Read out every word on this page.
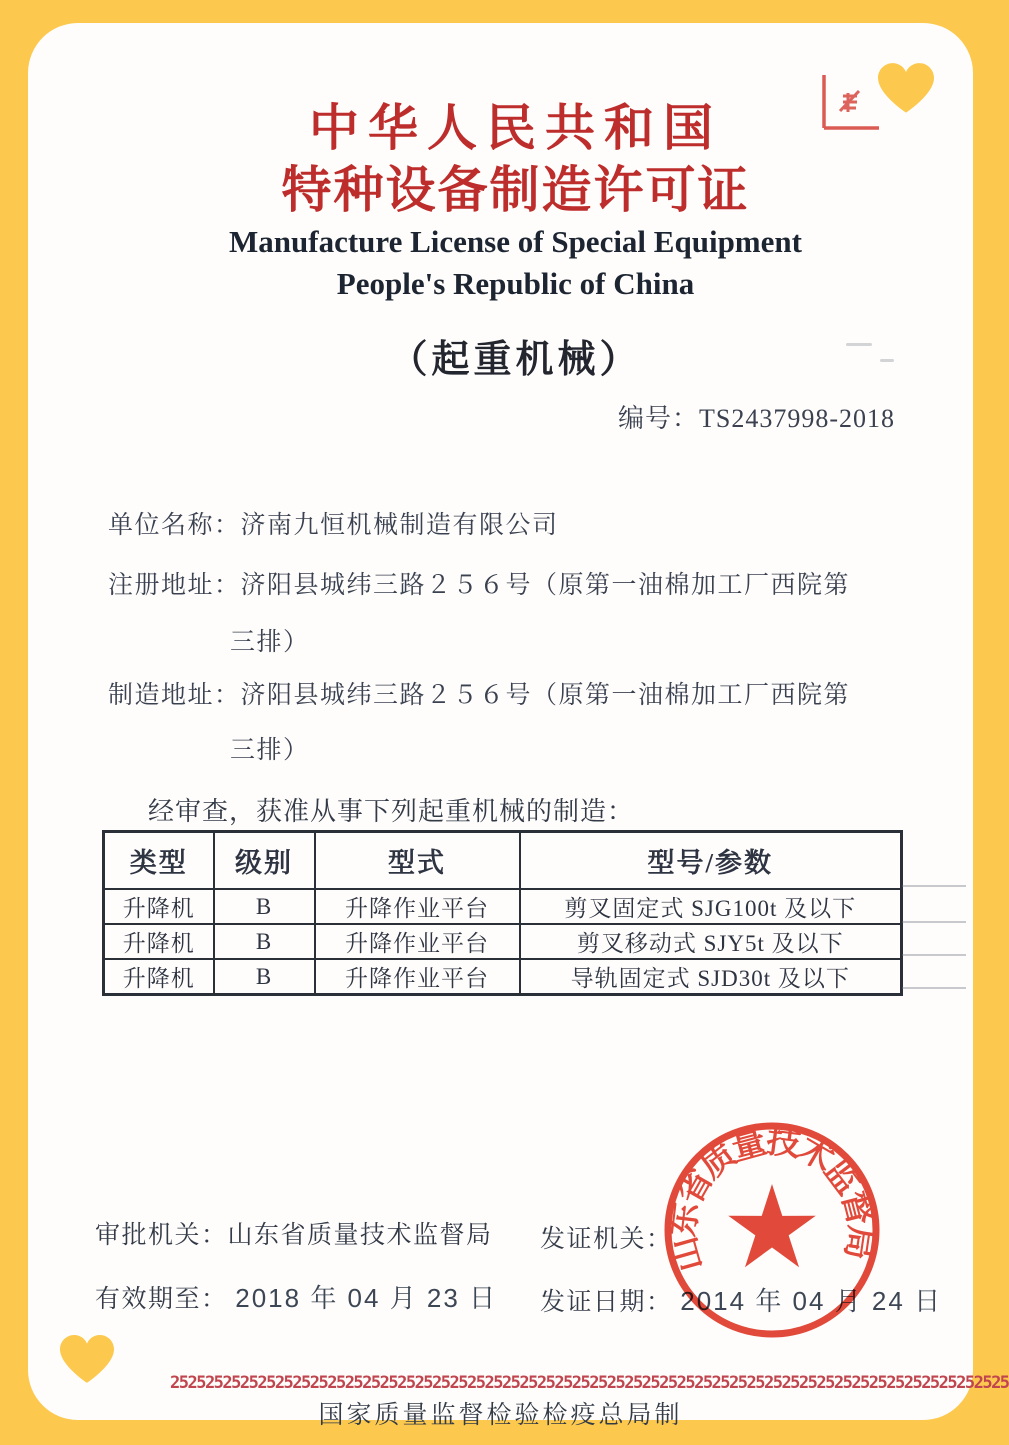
中华人民共和国
特种设备制造许可证
Manufacture License of Special Equipment
People's Republic of China
（起重机械）
编号：TS2437998-2018
单位名称：济南九恒机械制造有限公司
注册地址：济阳县城纬三路２５６号（原第一油棉加工厂西院第
三排）
制造地址：济阳县城纬三路２５６号（原第一油棉加工厂西院第
三排）
经审查，获准从事下列起重机械的制造：
类型	级别	型式	型号/参数
升降机	B	升降作业平台	剪叉固定式 SJG100t 及以下
升降机	B	升降作业平台	剪叉移动式 SJY5t 及以下
升降机	B	升降作业平台	导轨固定式 SJD30t 及以下
审批机关：山东省质量技术监督局 发证机关：
有效期至： 2018 年 04 月 23 日 发证日期： 2014 年 04 月 24 日
山东省质量技术监督局
252525252525252525252525252525252525252525252525252525252525252525252525252525252525252525252525
国家质量监督检验检疫总局制
